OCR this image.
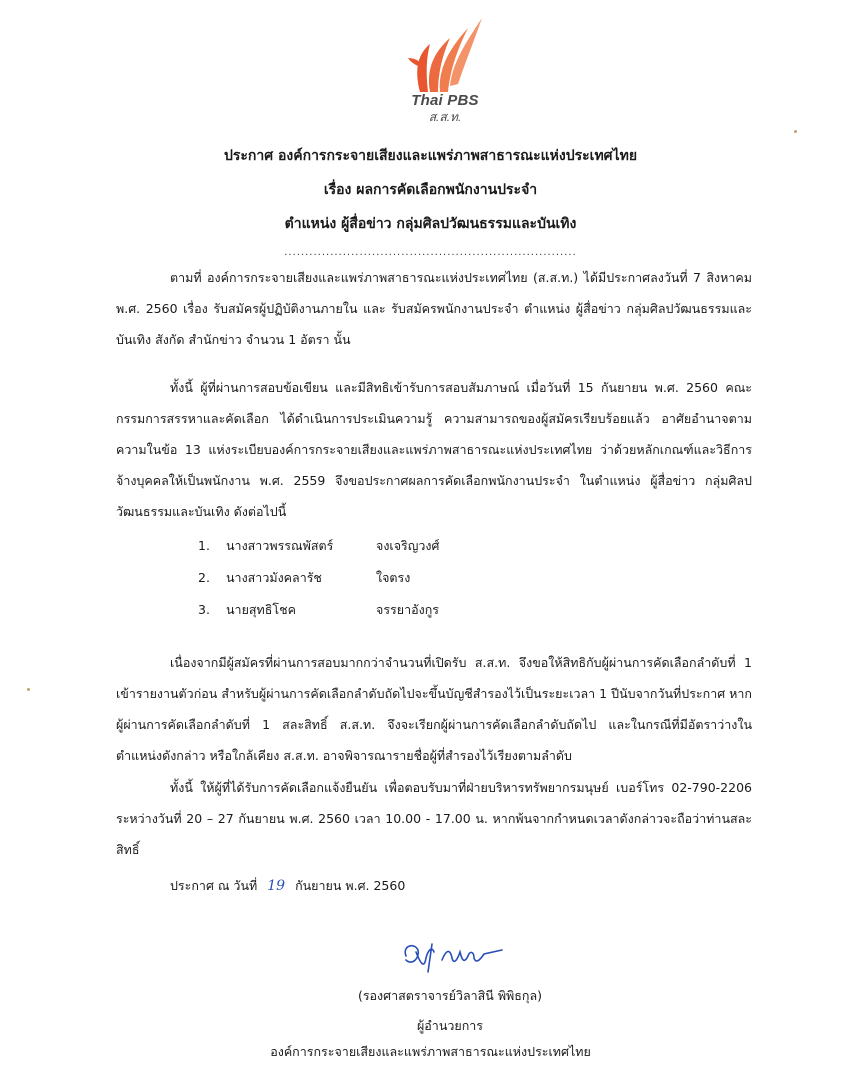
Thai PBS
ส.ส.ท.
ประกาศ องค์การกระจายเสียงและแพร่ภาพสาธารณะแห่งประเทศไทย
เรื่อง ผลการคัดเลือกพนักงานประจำ
ตำแหน่ง ผู้สื่อข่าว กลุ่มศิลปวัฒนธรรมและบันเทิง
......................................................................
ตามที่ องค์การกระจายเสียงและแพร่ภาพสาธารณะแห่งประเทศไทย (ส.ส.ท.) ได้มีประกาศลงวันที่ 7 สิงหาคม พ.ศ. 2560 เรื่อง รับสมัครผู้ปฏิบัติงานภายใน และ รับสมัครพนักงานประจำ ตำแหน่ง ผู้สื่อข่าว กลุ่มศิลปวัฒนธรรมและบันเทิง สังกัด สำนักข่าว จำนวน 1 อัตรา นั้น
ทั้งนี้ ผู้ที่ผ่านการสอบข้อเขียน และมีสิทธิเข้ารับการสอบสัมภาษณ์ เมื่อวันที่ 15 กันยายน พ.ศ. 2560 คณะกรรมการสรรหาและคัดเลือก ได้ดำเนินการประเมินความรู้ ความสามารถของผู้สมัครเรียบร้อยแล้ว อาศัยอำนาจตามความในข้อ 13 แห่งระเบียบองค์การกระจายเสียงและแพร่ภาพสาธารณะแห่งประเทศไทย ว่าด้วยหลักเกณฑ์และวิธีการจ้างบุคคลให้เป็นพนักงาน พ.ศ. 2559 จึงขอประกาศผลการคัดเลือกพนักงานประจำ ในตำแหน่ง ผู้สื่อข่าว กลุ่มศิลปวัฒนธรรมและบันเทิง ดังต่อไปนี้
1. นางสาวพรรณพัสตร์	จงเจริญวงศ์
2. นางสาวมังคลารัช	ใจตรง
3. นายสุทธิโชค	จรรยาอังกูร
เนื่องจากมีผู้สมัครที่ผ่านการสอบมากกว่าจำนวนที่เปิดรับ ส.ส.ท. จึงขอให้สิทธิกับผู้ผ่านการคัดเลือกลำดับที่ 1 เข้ารายงานตัวก่อน สำหรับผู้ผ่านการคัดเลือกลำดับถัดไปจะขึ้นบัญชีสำรองไว้เป็นระยะเวลา 1 ปีนับจากวันที่ประกาศ หากผู้ผ่านการคัดเลือกลำดับที่ 1 สละสิทธิ์ ส.ส.ท. จึงจะเรียกผู้ผ่านการคัดเลือกลำดับถัดไป และในกรณีที่มีอัตราว่างในตำแหน่งดังกล่าว หรือใกล้เคียง ส.ส.ท. อาจพิจารณารายชื่อผู้ที่สำรองไว้เรียงตามลำดับ
ทั้งนี้ ให้ผู้ที่ได้รับการคัดเลือกแจ้งยืนยัน เพื่อตอบรับมาที่ฝ่ายบริหารทรัพยากรมนุษย์ เบอร์โทร 02-790-2206 ระหว่างวันที่ 20 – 27 กันยายน พ.ศ. 2560 เวลา 10.00 - 17.00 น. หากพ้นจากกำหนดเวลาดังกล่าวจะถือว่าท่านสละสิทธิ์
ประกาศ ณ วันที่ 19 กันยายน พ.ศ. 2560
(รองศาสตราจารย์วิลาสินี พิพิธกุล)
ผู้อำนวยการ
องค์การกระจายเสียงและแพร่ภาพสาธารณะแห่งประเทศไทย
